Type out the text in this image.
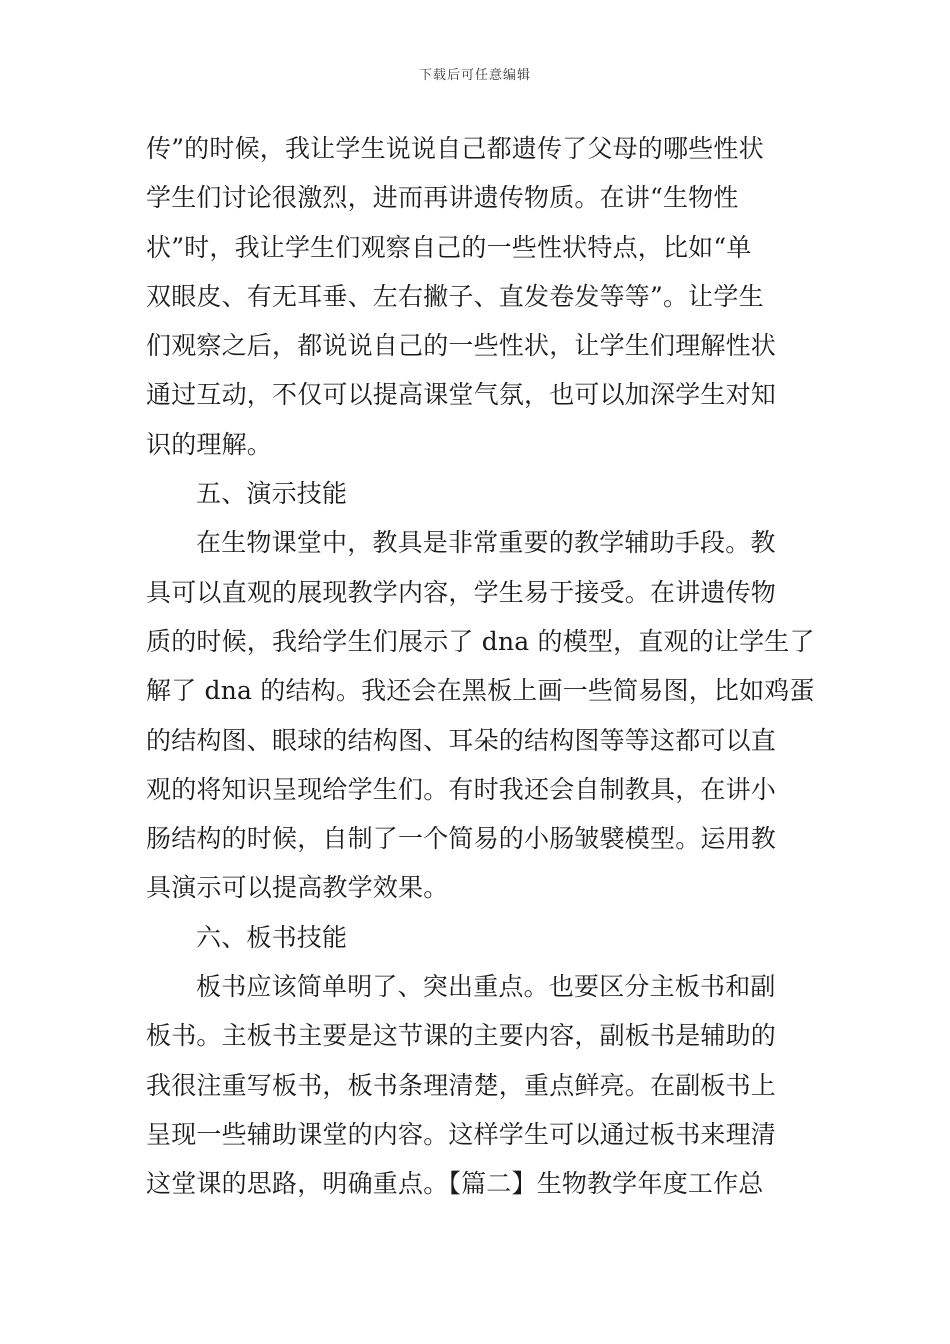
下载后可任意编辑
传”的时候，我让学生说说自己都遗传了父母的哪些性状
学生们讨论很激烈，进而再讲遗传物质。在讲“生物性
状”时，我让学生们观察自己的一些性状特点，比如“单
双眼皮、有无耳垂、左右撇子、直发卷发等等”。让学生
们观察之后，都说说自己的一些性状，让学生们理解性状
通过互动，不仅可以提高课堂气氛，也可以加深学生对知
识的理解。
五、演示技能
在生物课堂中，教具是非常重要的教学辅助手段。教
具可以直观的展现教学内容，学生易于接受。在讲遗传物
质的时候，我给学生们展示了 dna 的模型，直观的让学生了
解了 dna 的结构。我还会在黑板上画一些简易图，比如鸡蛋
的结构图、眼球的结构图、耳朵的结构图等等这都可以直
观的将知识呈现给学生们。有时我还会自制教具，在讲小
肠结构的时候，自制了一个简易的小肠皱襞模型。运用教
具演示可以提高教学效果。
六、板书技能
板书应该简单明了、突出重点。也要区分主板书和副
板书。主板书主要是这节课的主要内容，副板书是辅助的
我很注重写板书，板书条理清楚，重点鲜亮。在副板书上
呈现一些辅助课堂的内容。这样学生可以通过板书来理清
这堂课的思路，明确重点。【篇二】生物教学年度工作总
